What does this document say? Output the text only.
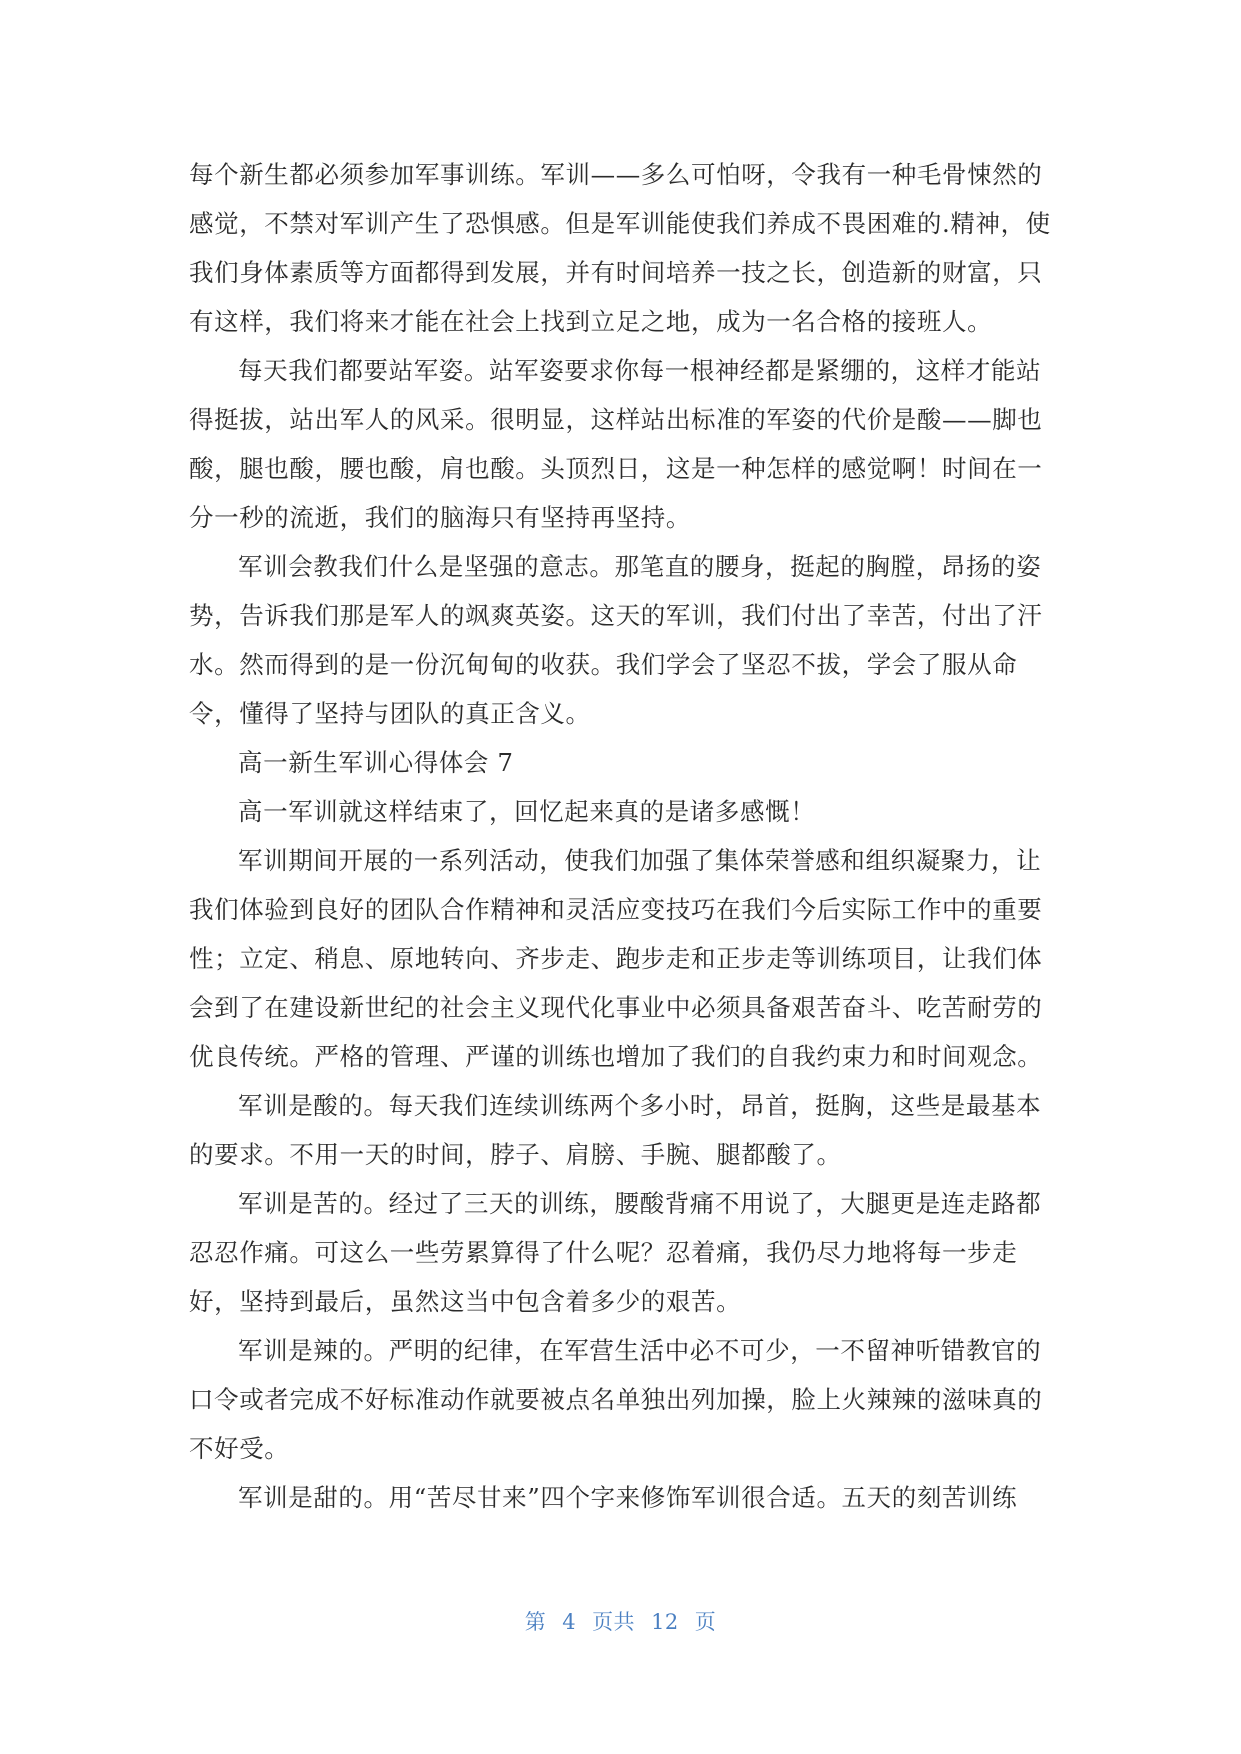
每个新生都必须参加军事训练。军训——多么可怕呀，令我有一种毛骨悚然的
感觉，不禁对军训产生了恐惧感。但是军训能使我们养成不畏困难的.精神，使
我们身体素质等方面都得到发展，并有时间培养一技之长，创造新的财富，只
有这样，我们将来才能在社会上找到立足之地，成为一名合格的接班人。

每天我们都要站军姿。站军姿要求你每一根神经都是紧绷的，这样才能站
得挺拔，站出军人的风采。很明显，这样站出标准的军姿的代价是酸——脚也
酸，腿也酸，腰也酸，肩也酸。头顶烈日，这是一种怎样的感觉啊！时间在一
分一秒的流逝，我们的脑海只有坚持再坚持。

军训会教我们什么是坚强的意志。那笔直的腰身，挺起的胸膛，昂扬的姿
势，告诉我们那是军人的飒爽英姿。这天的军训，我们付出了幸苦，付出了汗
水。然而得到的是一份沉甸甸的收获。我们学会了坚忍不拔，学会了服从命
令，懂得了坚持与团队的真正含义。

高一新生军训心得体会 7

高一军训就这样结束了，回忆起来真的是诸多感慨！

军训期间开展的一系列活动，使我们加强了集体荣誉感和组织凝聚力，让
我们体验到良好的团队合作精神和灵活应变技巧在我们今后实际工作中的重要
性；立定、稍息、原地转向、齐步走、跑步走和正步走等训练项目，让我们体
会到了在建设新世纪的社会主义现代化事业中必须具备艰苦奋斗、吃苦耐劳的
优良传统。严格的管理、严谨的训练也增加了我们的自我约束力和时间观念。

军训是酸的。每天我们连续训练两个多小时，昂首，挺胸，这些是最基本
的要求。不用一天的时间，脖子、肩膀、手腕、腿都酸了。

军训是苦的。经过了三天的训练，腰酸背痛不用说了，大腿更是连走路都
忍忍作痛。可这么一些劳累算得了什么呢？忍着痛，我仍尽力地将每一步走
好，坚持到最后，虽然这当中包含着多少的艰苦。

军训是辣的。严明的纪律，在军营生活中必不可少，一不留神听错教官的
口令或者完成不好标准动作就要被点名单独出列加操，脸上火辣辣的滋味真的
不好受。

军训是甜的。用“苦尽甘来”四个字来修饰军训很合适。五天的刻苦训练

第 4 页共 12 页
